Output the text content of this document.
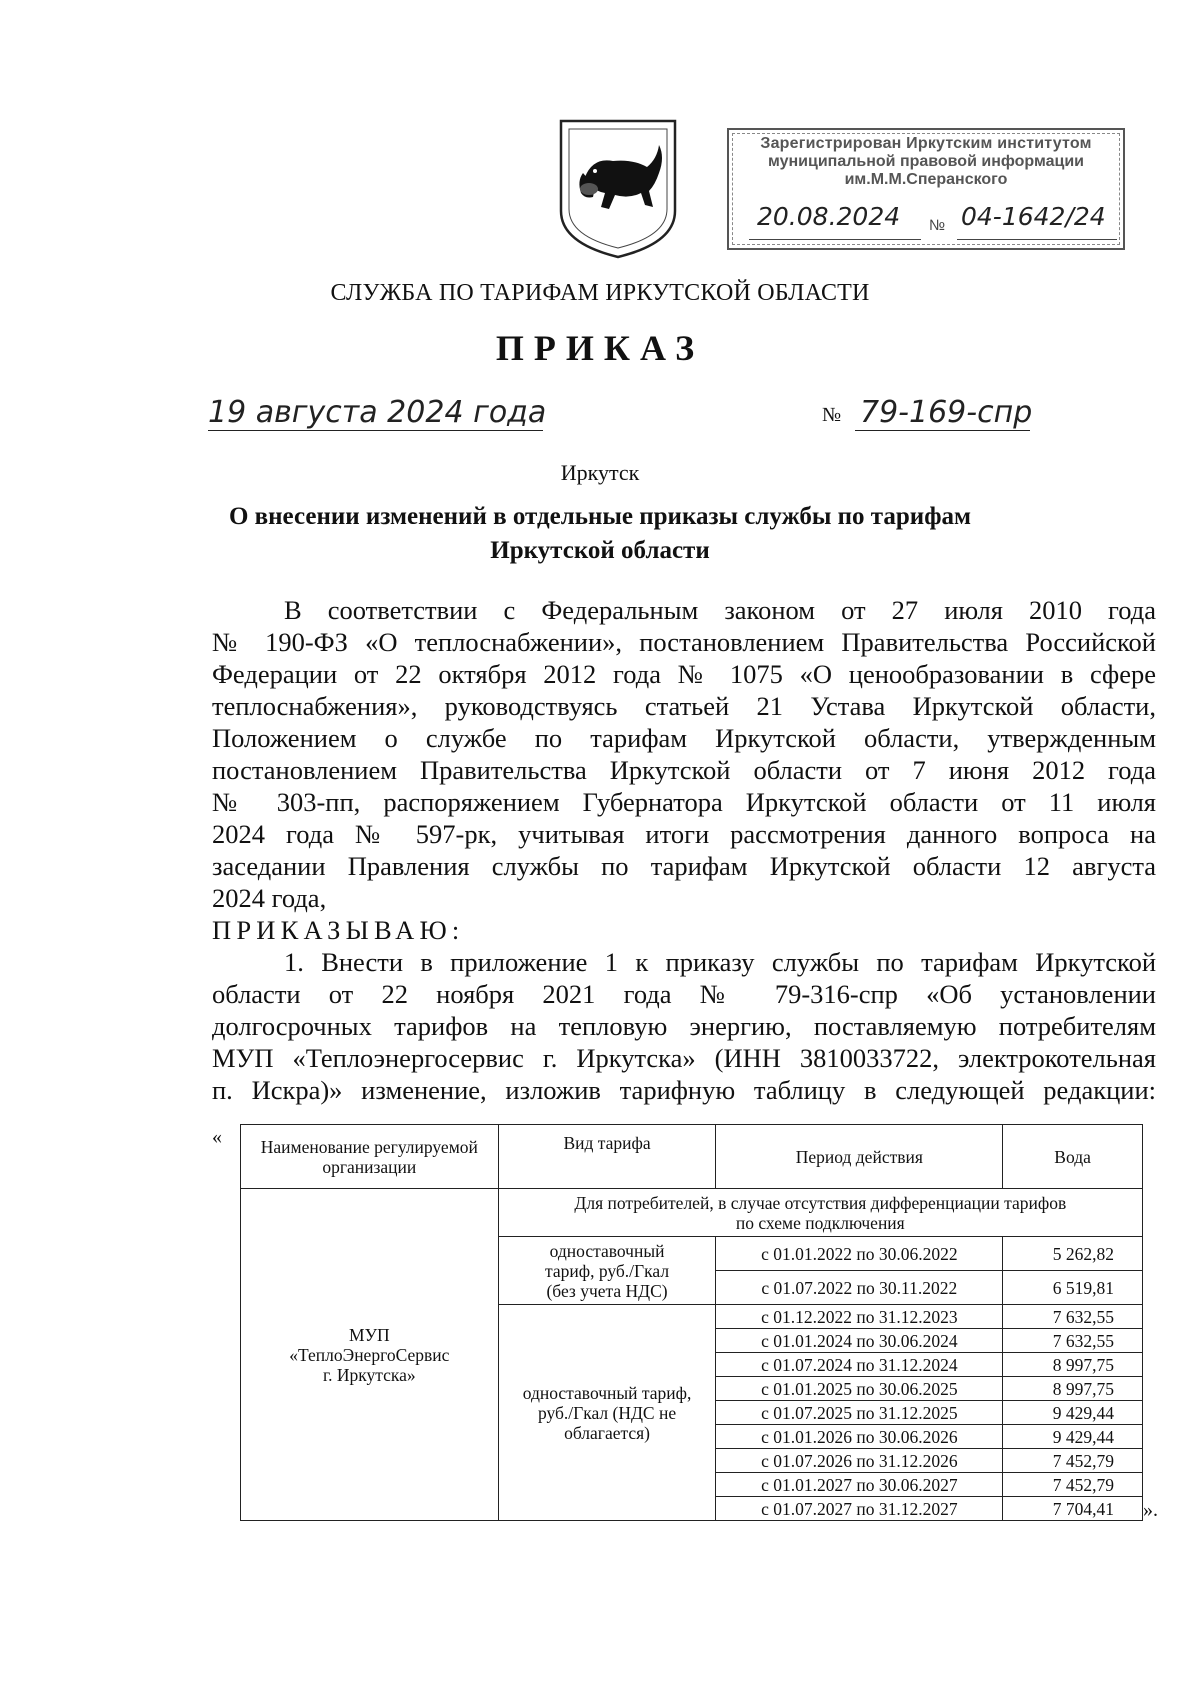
Зарегистрирован Иркутским институтом
муниципальной правовой информации
им.М.М.Сперанского
20.08.2024 № 04-1642/24
СЛУЖБА ПО ТАРИФАМ ИРКУТСКОЙ ОБЛАСТИ
ПРИКАЗ
19 августа 2024 года	№ 79-169-спр
Иркутск
О внесении изменений в отдельные приказы службы по тарифам
Иркутской области
В соответствии с Федеральным законом от 27 июля 2010 года
№ 190-ФЗ «О теплоснабжении», постановлением Правительства Российской
Федерации от 22 октября 2012 года № 1075 «О ценообразовании в сфере
теплоснабжения», руководствуясь статьей 21 Устава Иркутской области,
Положением о службе по тарифам Иркутской области, утвержденным
постановлением Правительства Иркутской области от 7 июня 2012 года
№ 303-пп, распоряжением Губернатора Иркутской области от 11 июля
2024 года № 597-рк, учитывая итоги рассмотрения данного вопроса на
заседании Правления службы по тарифам Иркутской области 12 августа
2024 года,
ПРИКАЗЫВАЮ:
1. Внести в приложение 1 к приказу службы по тарифам Иркутской
области от 22 ноября 2021 года № 79-316-спр «Об установлении
долгосрочных тарифов на тепловую энергию, поставляемую потребителям
МУП «Теплоэнергосервис г. Иркутска» (ИНН 3810033722, электрокотельная
п. Искра)» изменение, изложив тарифную таблицу в следующей редакции:
« Наименование регулируемой организации	Вид тарифа	Период действия	Вода

МУП «ТеплоЭнергоСервис г. Иркутска»	Для потребителей, в случае отсутствия дифференциации тарифов по схеме подключения		

	одноставочный тариф, руб./Гкал (без учета НДС)	с 01.01.2022 по 30.06.2022	5 262,82
		с 01.07.2022 по 30.11.2022	6 519,81

	одноставочный тариф, руб./Гкал (НДС не облагается)	с 01.12.2022 по 31.12.2023	7 632,55
		с 01.01.2024 по 30.06.2024	7 632,55
		с 01.07.2024 по 31.12.2024	8 997,75
		с 01.01.2025 по 30.06.2025	8 997,75
		с 01.07.2025 по 31.12.2025	9 429,44
		с 01.01.2026 по 30.06.2026	9 429,44
		с 01.07.2026 по 31.12.2026	7 452,79
		с 01.01.2027 по 30.06.2027	7 452,79
		с 01.07.2027 по 31.12.2027	7 704,41 ».
